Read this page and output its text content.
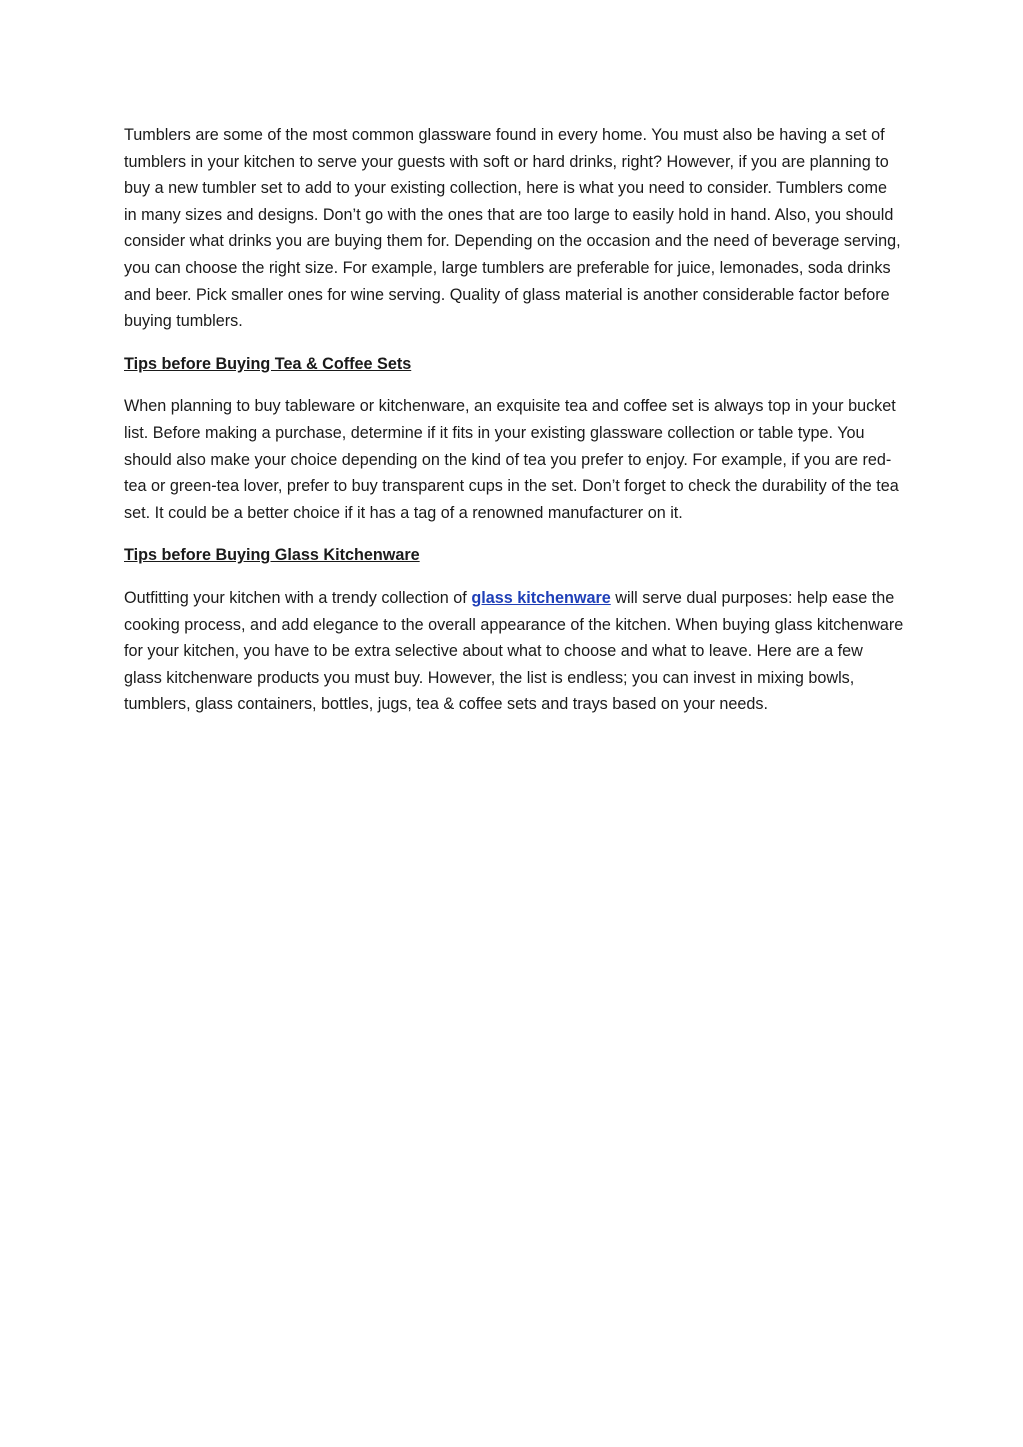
Tumblers are some of the most common glassware found in every home. You must also be having a set of tumblers in your kitchen to serve your guests with soft or hard drinks, right? However, if you are planning to buy a new tumbler set to add to your existing collection, here is what you need to consider. Tumblers come in many sizes and designs. Don’t go with the ones that are too large to easily hold in hand. Also, you should consider what drinks you are buying them for. Depending on the occasion and the need of beverage serving, you can choose the right size. For example, large tumblers are preferable for juice, lemonades, soda drinks and beer. Pick smaller ones for wine serving. Quality of glass material is another considerable factor before buying tumblers.

Tips before Buying Tea & Coffee Sets

When planning to buy tableware or kitchenware, an exquisite tea and coffee set is always top in your bucket list. Before making a purchase, determine if it fits in your existing glassware collection or table type. You should also make your choice depending on the kind of tea you prefer to enjoy. For example, if you are red-tea or green-tea lover, prefer to buy transparent cups in the set. Don’t forget to check the durability of the tea set. It could be a better choice if it has a tag of a renowned manufacturer on it.

Tips before Buying Glass Kitchenware

Outfitting your kitchen with a trendy collection of glass kitchenware will serve dual purposes: help ease the cooking process, and add elegance to the overall appearance of the kitchen. When buying glass kitchenware for your kitchen, you have to be extra selective about what to choose and what to leave. Here are a few glass kitchenware products you must buy. However, the list is endless; you can invest in mixing bowls, tumblers, glass containers, bottles, jugs, tea & coffee sets and trays based on your needs.
